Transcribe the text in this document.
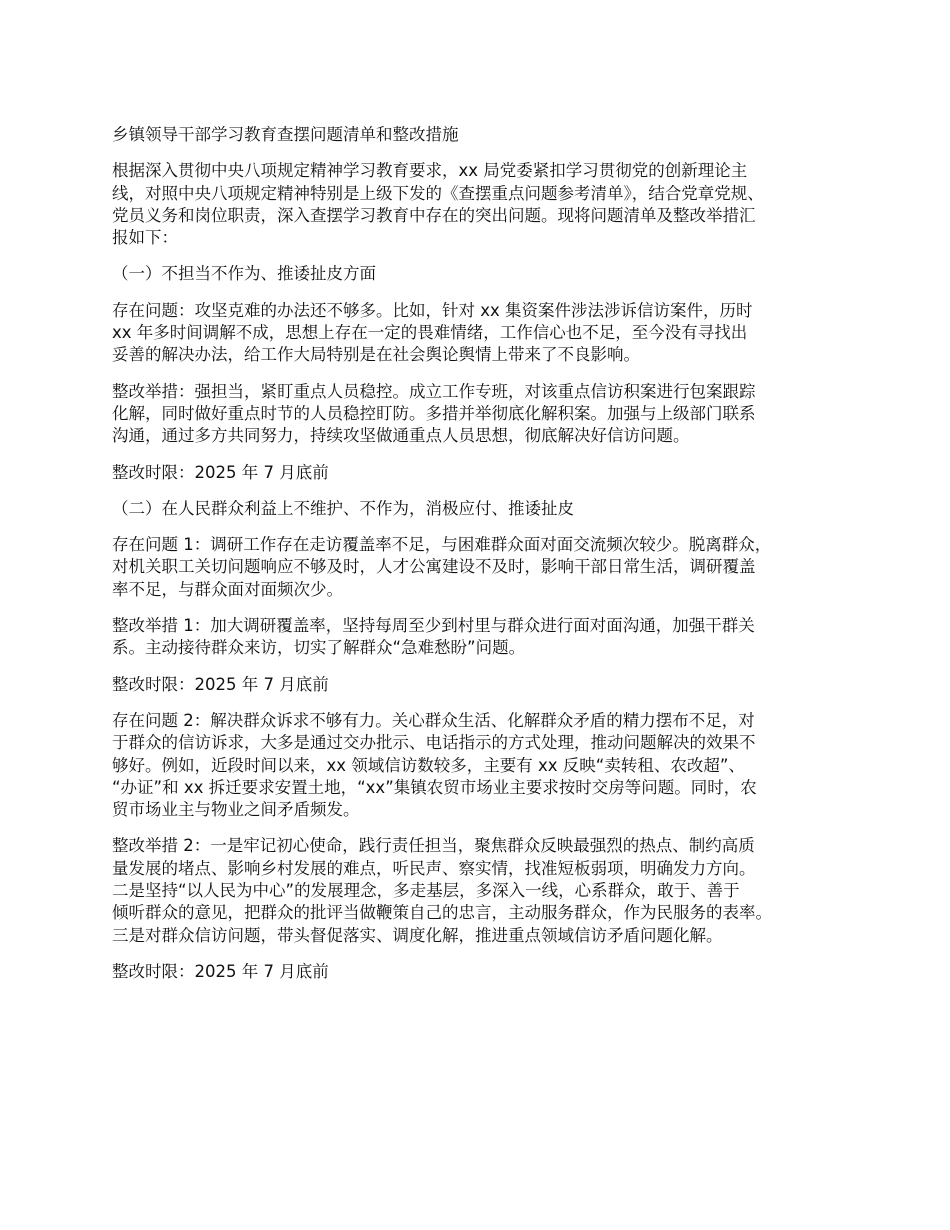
乡镇领导干部学习教育查摆问题清单和整改措施
根据深入贯彻中央八项规定精神学习教育要求，xx 局党委紧扣学习贯彻党的创新理论主
线，对照中央八项规定精神特别是上级下发的《查摆重点问题参考清单》，结合党章党规、
党员义务和岗位职责，深入查摆学习教育中存在的突出问题。现将问题清单及整改举措汇
报如下：
（一）不担当不作为、推诿扯皮方面
存在问题：攻坚克难的办法还不够多。比如，针对 xx 集资案件涉法涉诉信访案件，历时
xx 年多时间调解不成，思想上存在一定的畏难情绪，工作信心也不足，至今没有寻找出
妥善的解决办法，给工作大局特别是在社会舆论舆情上带来了不良影响。
整改举措：强担当，紧盯重点人员稳控。成立工作专班，对该重点信访积案进行包案跟踪
化解，同时做好重点时节的人员稳控盯防。多措并举彻底化解积案。加强与上级部门联系
沟通，通过多方共同努力，持续攻坚做通重点人员思想，彻底解决好信访问题。
整改时限：2025 年 7 月底前
（二）在人民群众利益上不维护、不作为，消极应付、推诿扯皮
存在问题 1：调研工作存在走访覆盖率不足，与困难群众面对面交流频次较少。脱离群众，
对机关职工关切问题响应不够及时，人才公寓建设不及时，影响干部日常生活，调研覆盖
率不足，与群众面对面频次少。
整改举措 1：加大调研覆盖率，坚持每周至少到村里与群众进行面对面沟通，加强干群关
系。主动接待群众来访，切实了解群众“急难愁盼”问题。
整改时限：2025 年 7 月底前
存在问题 2：解决群众诉求不够有力。关心群众生活、化解群众矛盾的精力摆布不足，对
于群众的信访诉求，大多是通过交办批示、电话指示的方式处理，推动问题解决的效果不
够好。例如，近段时间以来，xx 领域信访数较多，主要有 xx 反映“卖转租、农改超”、
“办证”和 xx 拆迁要求安置土地，“xx”集镇农贸市场业主要求按时交房等问题。同时，农
贸市场业主与物业之间矛盾频发。
整改举措 2：一是牢记初心使命，践行责任担当，聚焦群众反映最强烈的热点、制约高质
量发展的堵点、影响乡村发展的难点，听民声、察实情，找准短板弱项，明确发力方向。
二是坚持“以人民为中心”的发展理念，多走基层，多深入一线，心系群众，敢于、善于
倾听群众的意见，把群众的批评当做鞭策自己的忠言，主动服务群众，作为民服务的表率。
三是对群众信访问题，带头督促落实、调度化解，推进重点领域信访矛盾问题化解。
整改时限：2025 年 7 月底前
